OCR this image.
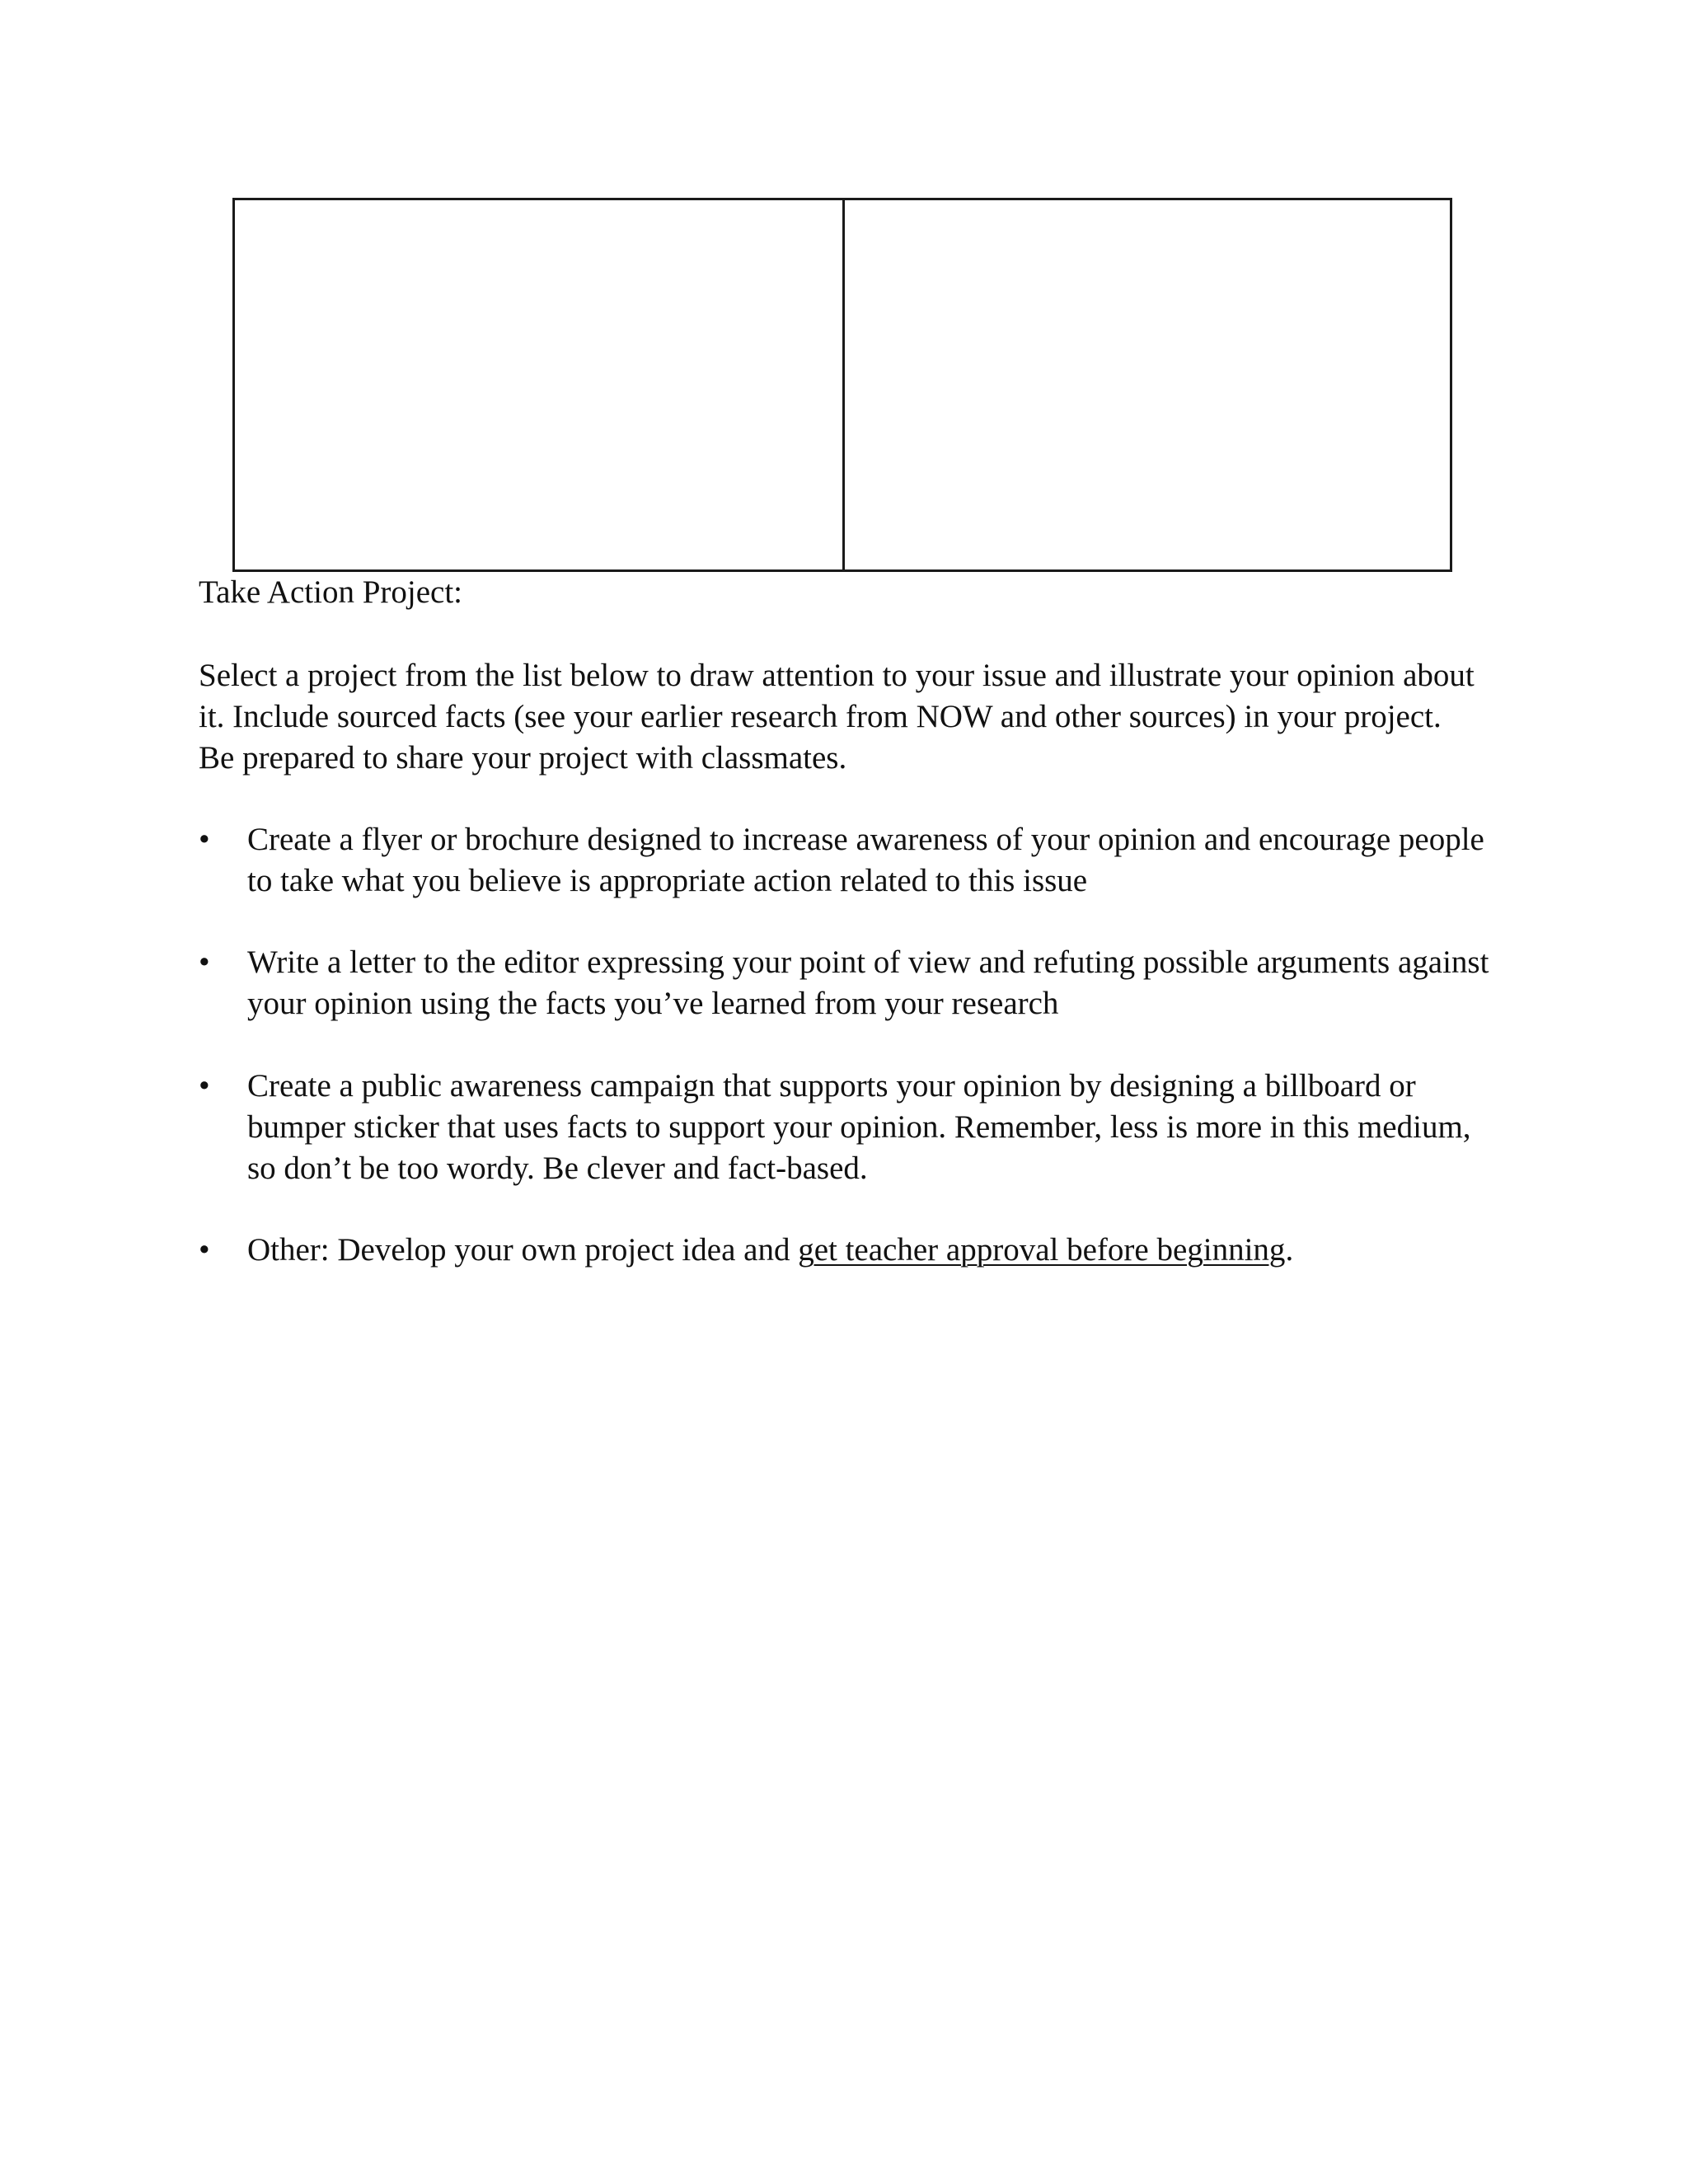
Take Action Project:

Select a project from the list below to draw attention to your issue and illustrate your opinion about
it. Include sourced facts (see your earlier research from NOW and other sources) in your project.
Be prepared to share your project with classmates.

• Create a flyer or brochure designed to increase awareness of your opinion and encourage people
to take what you believe is appropriate action related to this issue
• Write a letter to the editor expressing your point of view and refuting possible arguments against
your opinion using the facts you’ve learned from your research
• Create a public awareness campaign that supports your opinion by designing a billboard or
bumper sticker that uses facts to support your opinion. Remember, less is more in this medium,
so don’t be too wordy. Be clever and fact-based.
• Other: Develop your own project idea and get teacher approval before beginning.
